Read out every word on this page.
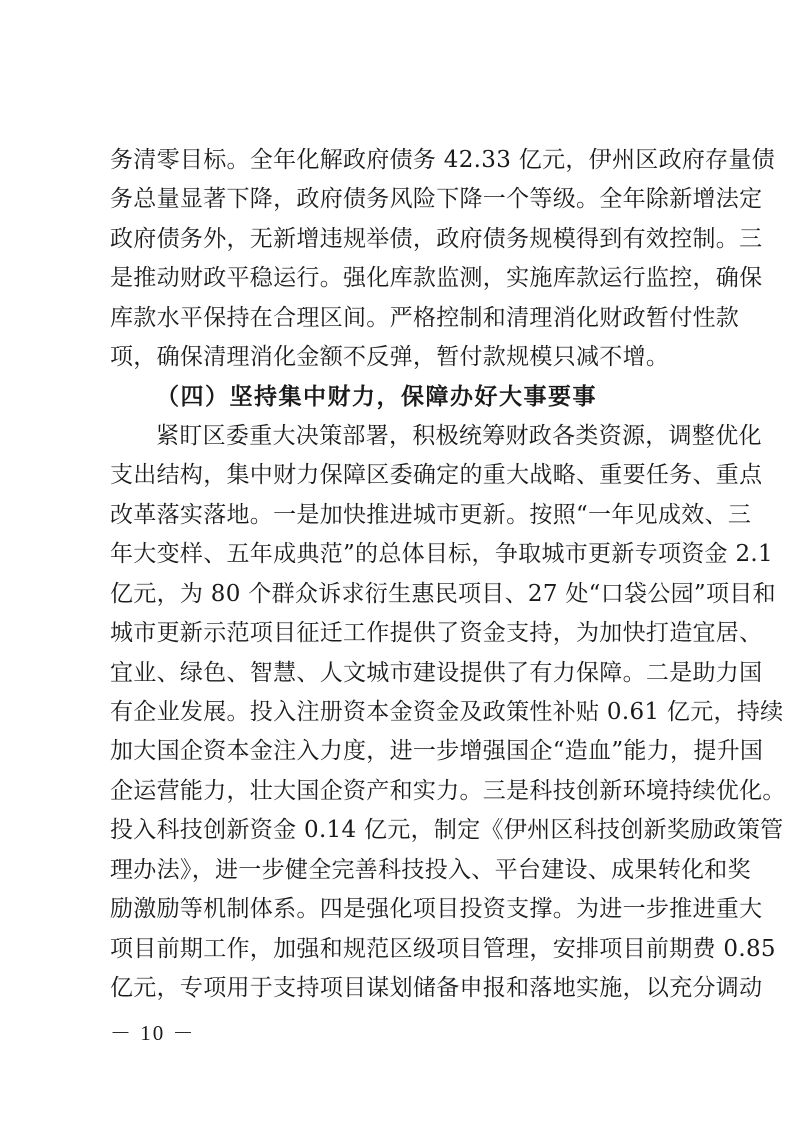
务清零目标。全年化解政府债务 42.33 亿元，伊州区政府存量债
务总量显著下降，政府债务风险下降一个等级。全年除新增法定
政府债务外，无新增违规举债，政府债务规模得到有效控制。三
是推动财政平稳运行。强化库款监测，实施库款运行监控，确保
库款水平保持在合理区间。严格控制和清理消化财政暂付性款
项，确保清理消化金额不反弹，暂付款规模只减不增。
（四）坚持集中财力，保障办好大事要事
紧盯区委重大决策部署，积极统筹财政各类资源，调整优化
支出结构，集中财力保障区委确定的重大战略、重要任务、重点
改革落实落地。一是加快推进城市更新。按照“一年见成效、三
年大变样、五年成典范”的总体目标，争取城市更新专项资金 2.1
亿元，为 80 个群众诉求衍生惠民项目、27 处“口袋公园”项目和
城市更新示范项目征迁工作提供了资金支持，为加快打造宜居、
宜业、绿色、智慧、人文城市建设提供了有力保障。二是助力国
有企业发展。投入注册资本金资金及政策性补贴 0.61 亿元，持续
加大国企资本金注入力度，进一步增强国企“造血”能力，提升国
企运营能力，壮大国企资产和实力。三是科技创新环境持续优化。
投入科技创新资金 0.14 亿元，制定《伊州区科技创新奖励政策管
理办法》，进一步健全完善科技投入、平台建设、成果转化和奖
励激励等机制体系。四是强化项目投资支撑。为进一步推进重大
项目前期工作，加强和规范区级项目管理，安排项目前期费 0.85
亿元，专项用于支持项目谋划储备申报和落地实施，以充分调动
－ 10 －
